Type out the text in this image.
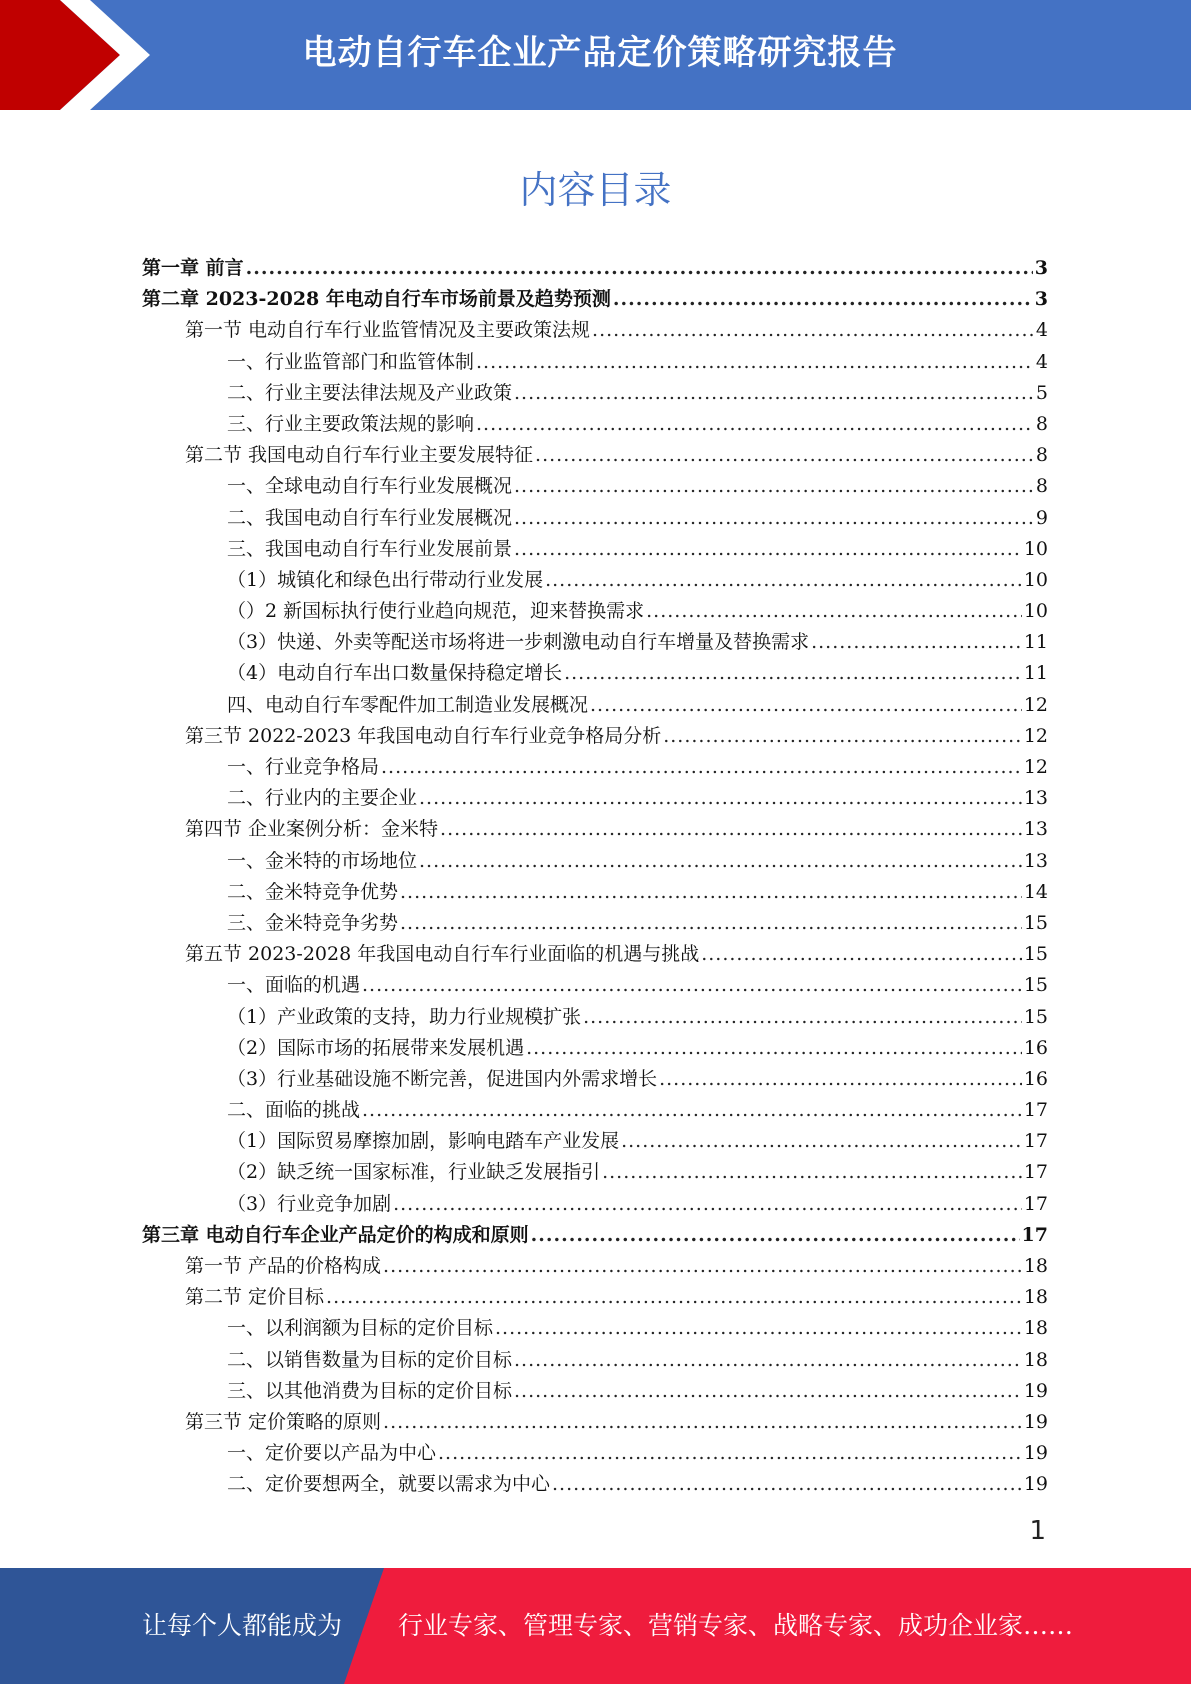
电动自行车企业产品定价策略研究报告
内容目录
第一章 前言 .....	3
第二章 2023-2028 年电动自行车市场前景及趋势预测 .....	3
第一节 电动自行车行业监管情况及主要政策法规 .....	4
一、行业监管部门和监管体制 .....	4
二、行业主要法律法规及产业政策 .....	5
三、行业主要政策法规的影响 .....	8
第二节 我国电动自行车行业主要发展特征 .....	8
一、全球电动自行车行业发展概况 .....	8
二、我国电动自行车行业发展概况 .....	9
三、我国电动自行车行业发展前景 .....	10
（1）城镇化和绿色出行带动行业发展 .....	10
（）2 新国标执行使行业趋向规范，迎来替换需求 .....	10
（3）快递、外卖等配送市场将进一步刺激电动自行车增量及替换需求 .....	11
（4）电动自行车出口数量保持稳定增长 .....	11
四、电动自行车零配件加工制造业发展概况 .....	12
第三节 2022-2023 年我国电动自行车行业竞争格局分析 .....	12
一、行业竞争格局 .....	12
二、行业内的主要企业 .....	13
第四节 企业案例分析：金米特 .....	13
一、金米特的市场地位 .....	13
二、金米特竞争优势 .....	14
三、金米特竞争劣势 .....	15
第五节 2023-2028 年我国电动自行车行业面临的机遇与挑战 .....	15
一、面临的机遇 .....	15
（1）产业政策的支持，助力行业规模扩张 .....	15
（2）国际市场的拓展带来发展机遇 .....	16
（3）行业基础设施不断完善，促进国内外需求增长 .....	16
二、面临的挑战 .....	17
（1）国际贸易摩擦加剧，影响电踏车产业发展 .....	17
（2）缺乏统一国家标准，行业缺乏发展指引 .....	17
（3）行业竞争加剧 .....	17
第三章 电动自行车企业产品定价的构成和原则 .....	17
第一节 产品的价格构成 .....	18
第二节 定价目标 .....	18
一、以利润额为目标的定价目标 .....	18
二、以销售数量为目标的定价目标 .....	18
三、以其他消费为目标的定价目标 .....	19
第三节 定价策略的原则 .....	19
一、定价要以产品为中心 .....	19
二、定价要想两全，就要以需求为中心 .....	19
1
让每个人都能成为 行业专家、管理专家、营销专家、战略专家、成功企业家……
